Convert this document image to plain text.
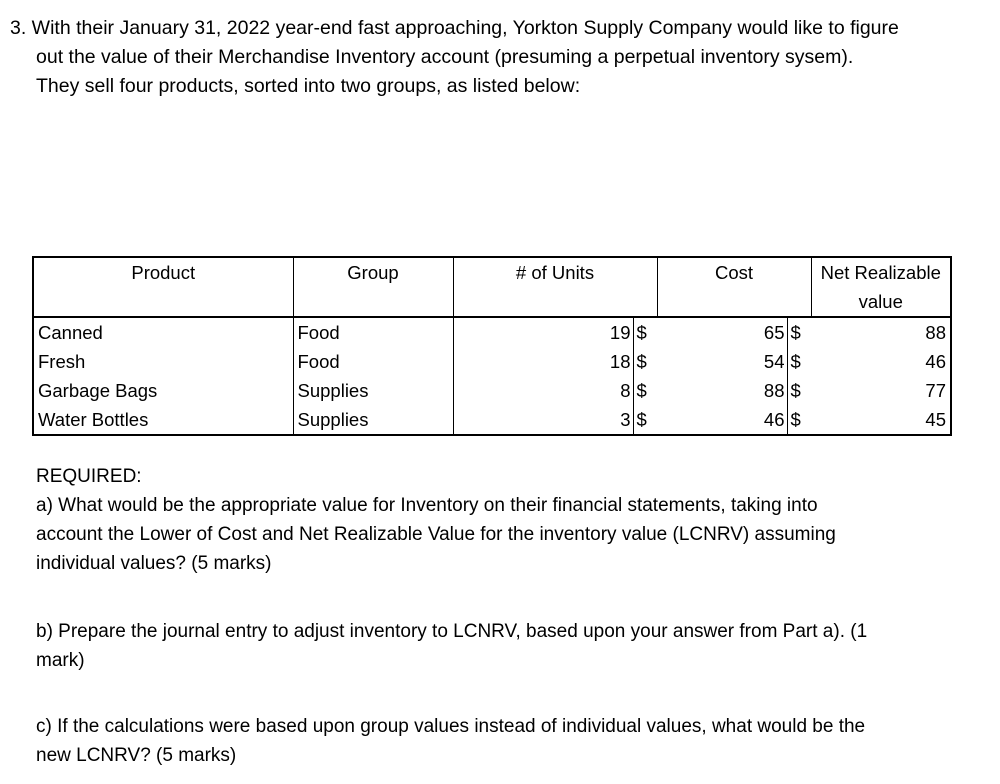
3. With their January 31, 2022 year-end fast approaching, Yorkton Supply Company would like to figure
out the value of their Merchandise Inventory account (presuming a perpetual inventory sysem).
They sell four products, sorted into two groups, as listed below:
Product	Group	# of Units		Cost		Net Realizable
value

Canned	Food	19	$	65	$	88
Fresh	Food	18	$	54	$	46
Garbage Bags	Supplies	8	$	88	$	77
Water Bottles	Supplies	3	$	46	$	45
REQUIRED:
a) What would be the appropriate value for Inventory on their financial statements, taking into
account the Lower of Cost and Net Realizable Value for the inventory value (LCNRV) assuming
individual values? (5 marks)
b) Prepare the journal entry to adjust inventory to LCNRV, based upon your answer from Part a). (1
mark)
c) If the calculations were based upon group values instead of individual values, what would be the
new LCNRV? (5 marks)
